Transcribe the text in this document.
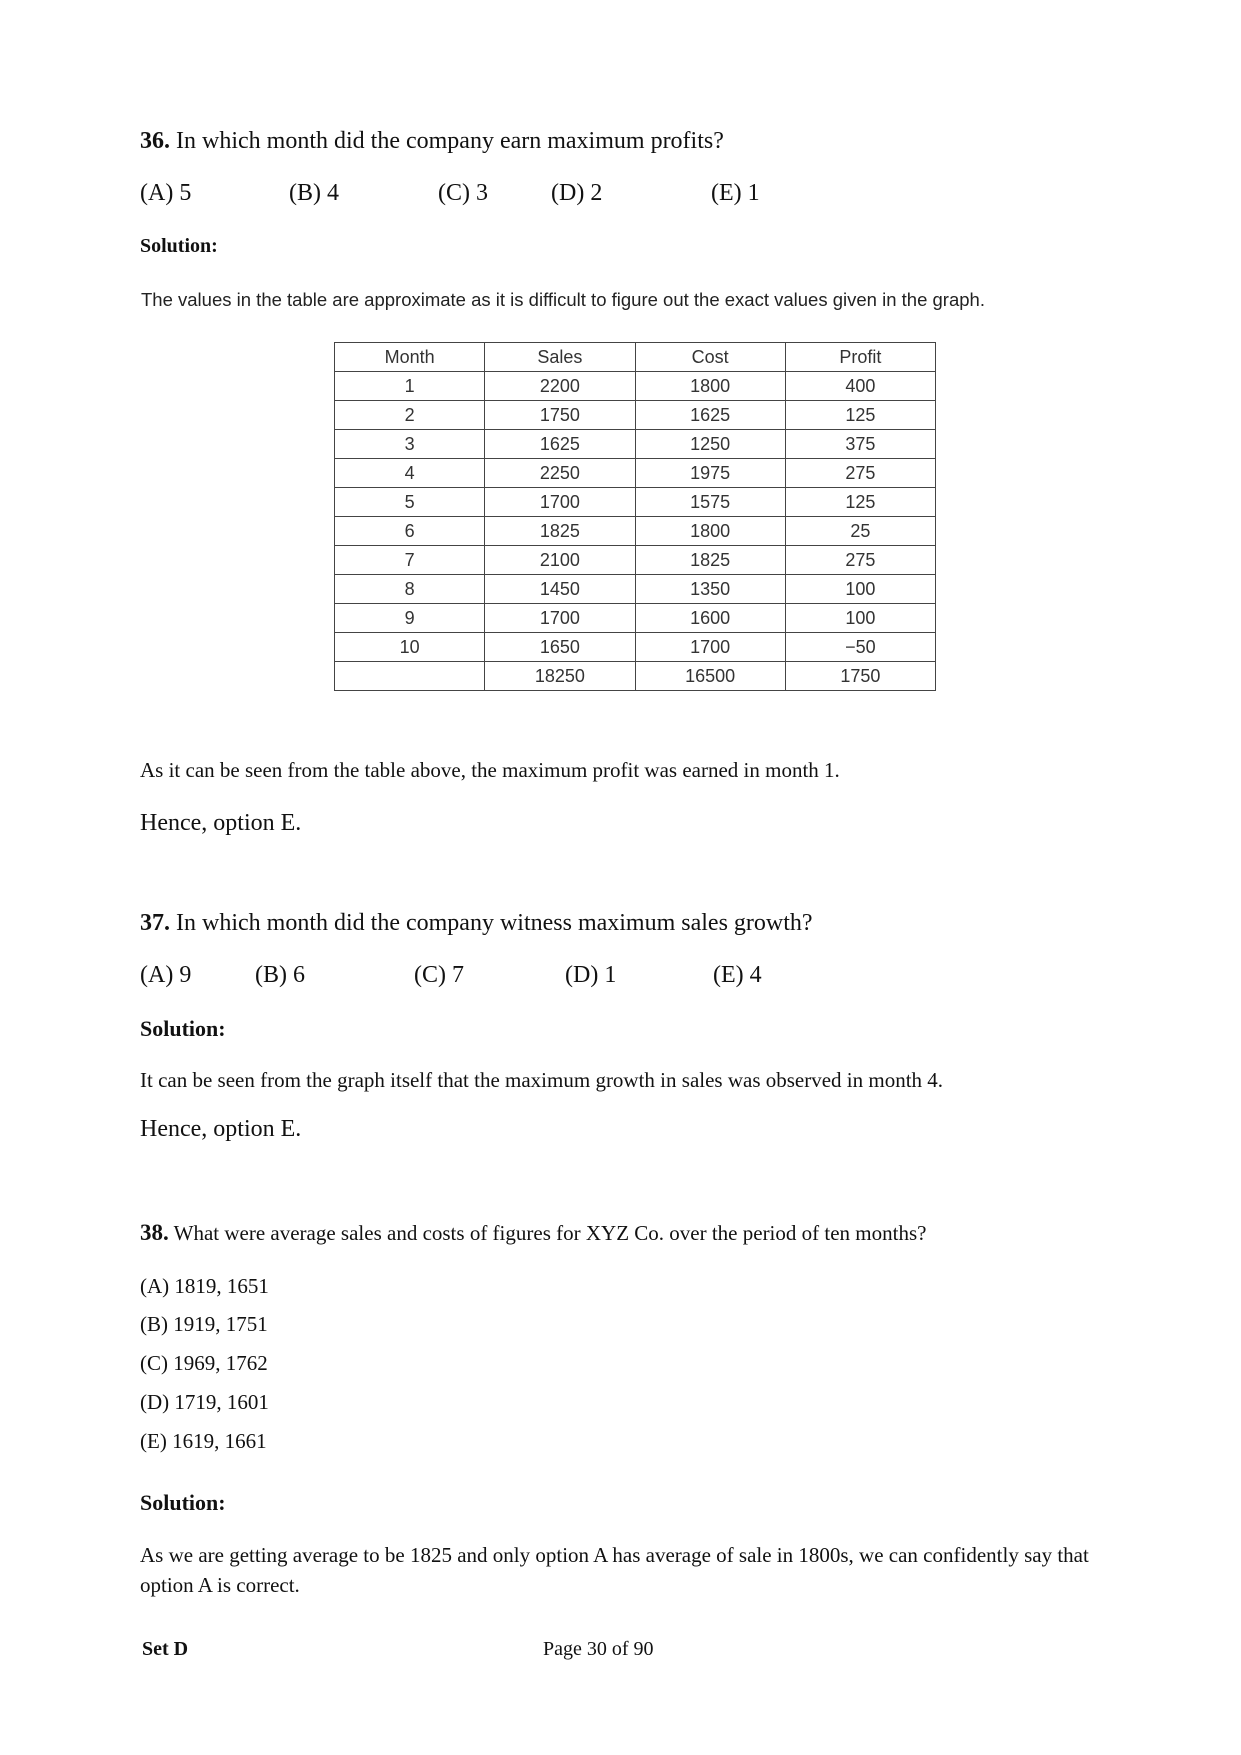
36. In which month did the company earn maximum profits?
(A) 5	(B) 4	(C) 3	(D) 2	(E) 1
Solution:
The values in the table are approximate as it is difficult to figure out the exact values given in the graph.
Month	Sales	Cost	Profit
1	2200	1800	400
2	1750	1625	125
3	1625	1250	375
4	2250	1975	275
5	1700	1575	125
6	1825	1800	25
7	2100	1825	275
8	1450	1350	100
9	1700	1600	100
10	1650	1700	−50
	18250	16500	1750
As it can be seen from the table above, the maximum profit was earned in month 1.
Hence, option E.
37. In which month did the company witness maximum sales growth?
(A) 9	(B) 6	(C) 7	(D) 1	(E) 4
Solution:
It can be seen from the graph itself that the maximum growth in sales was observed in month 4.
Hence, option E.
38. What were average sales and costs of figures for XYZ Co. over the period of ten months?
(A) 1819, 1651
(B) 1919, 1751
(C) 1969, 1762
(D) 1719, 1601
(E) 1619, 1661
Solution:
As we are getting average to be 1825 and only option A has average of sale in 1800s, we can confidently say that option A is correct.
Set D	Page 30 of 90
